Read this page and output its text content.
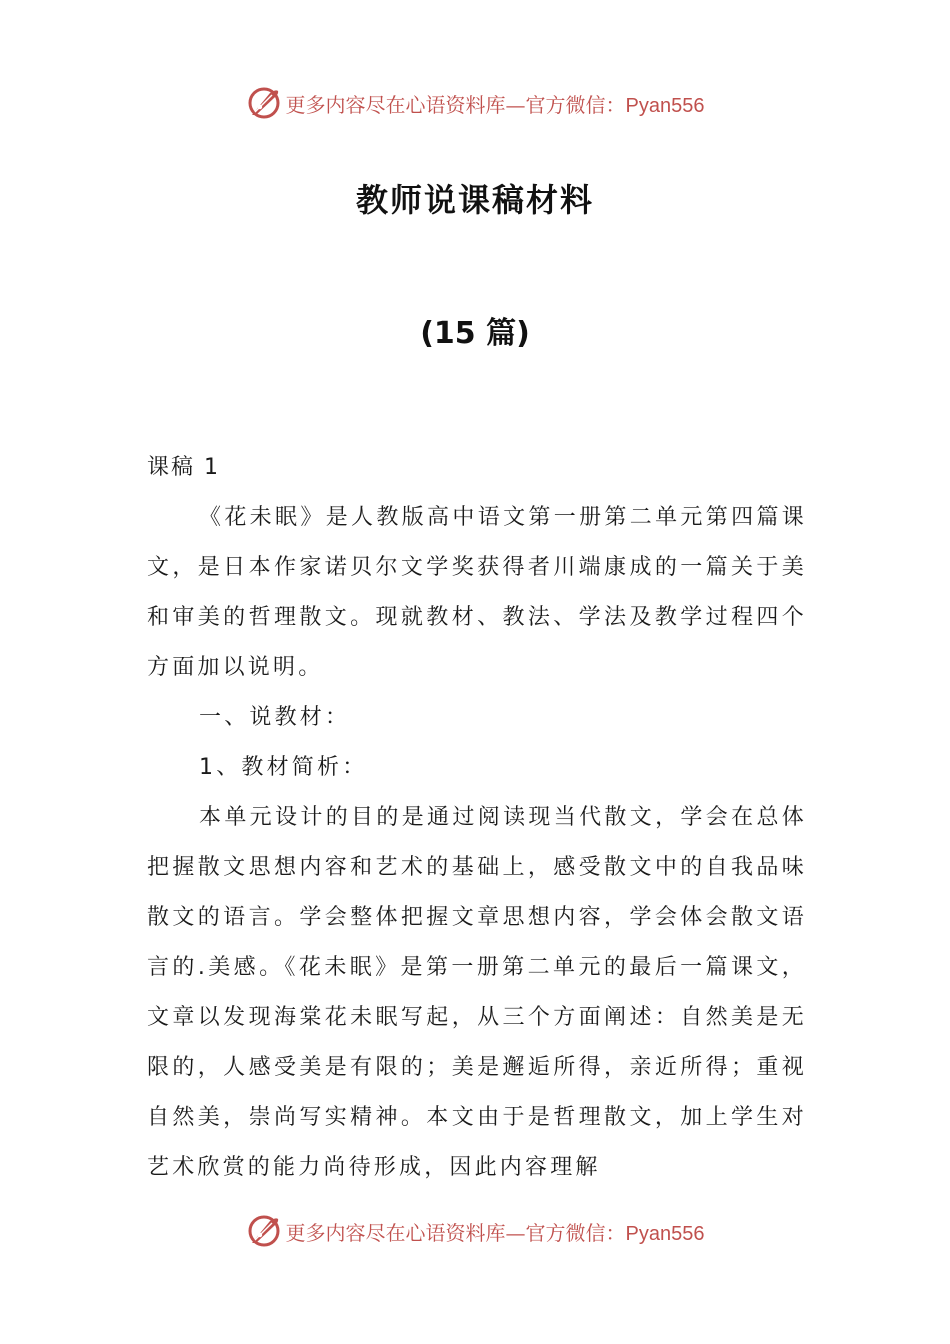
更多内容尽在心语资料库—官方微信：Pyan556
教师说课稿材料
(15 篇)

课稿 1

《花未眠》是人教版高中语文第一册第二单元第四篇课文，是日本作家诺贝尔文学奖获得者川端康成的一篇关于美和审美的哲理散文。现就教材、教法、学法及教学过程四个方面加以说明。

一、说教材：

1、教材简析：

本单元设计的目的是通过阅读现当代散文，学会在总体把握散文思想内容和艺术的基础上，感受散文中的自我品味散文的语言。学会整体把握文章思想内容，学会体会散文语言的.美感。《花未眠》是第一册第二单元的最后一篇课文，文章以发现海棠花未眠写起，从三个方面阐述：自然美是无限的，人感受美是有限的；美是邂逅所得，亲近所得；重视自然美，崇尚写实精神。本文由于是哲理散文，加上学生对艺术欣赏的能力尚待形成，因此内容理解

更多内容尽在心语资料库—官方微信：Pyan556
